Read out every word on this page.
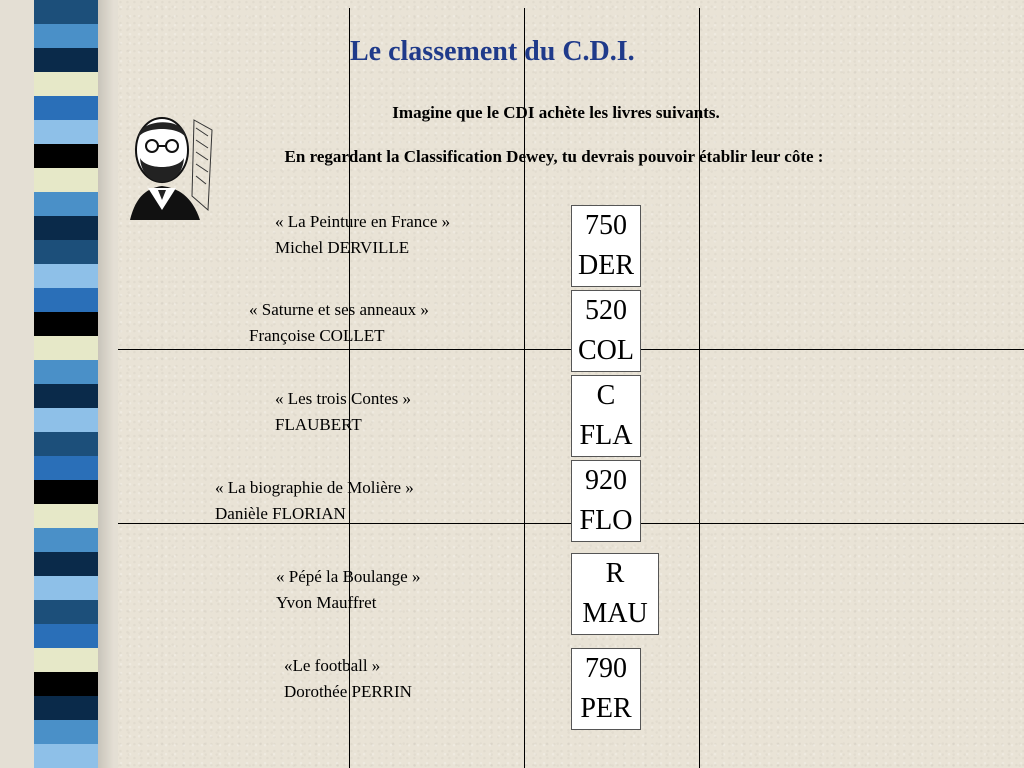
Le classement du C.D.I.
Imagine que le CDI achète les livres suivants.
En regardant la Classification Dewey, tu devrais pouvoir établir leur côte :
« La Peinture en France »
Michel DERVILLE
750
DER
« Saturne et ses anneaux »
Françoise COLLET
520
COL
« Les trois Contes »
FLAUBERT
C
FLA
« La biographie de Molière »
Danièle FLORIAN
920
FLO
« Pépé la Boulange »
Yvon Mauffret
R
MAU
«Le football »
Dorothée PERRIN
790
PER
